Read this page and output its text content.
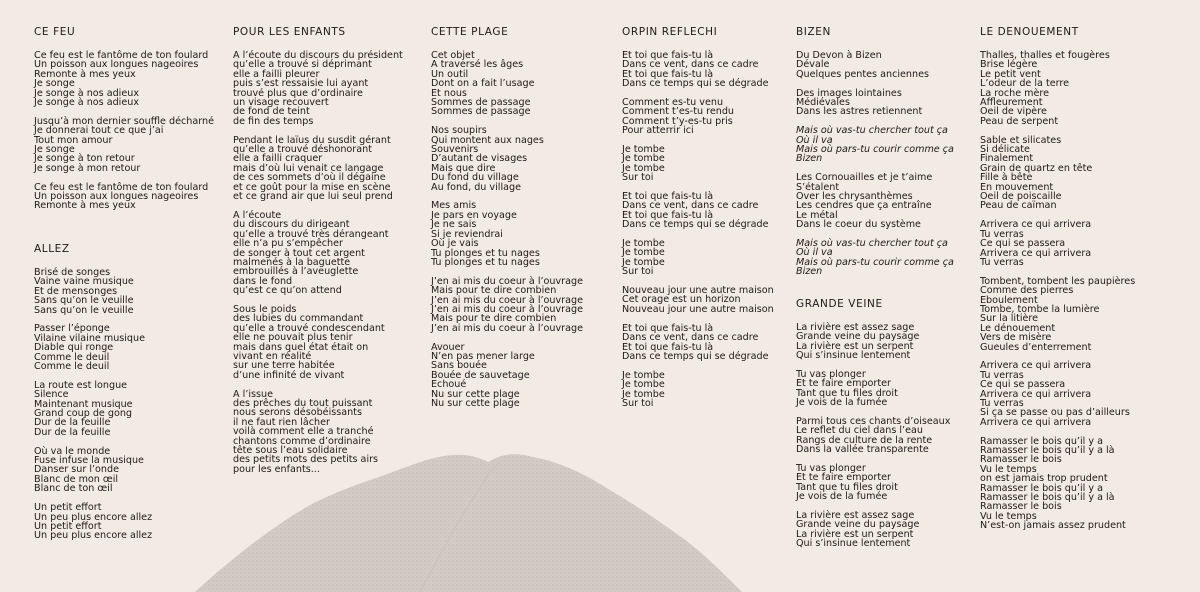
CE FEU
Ce feu est le fantôme de ton foulard
Un poisson aux longues nageoires
Remonte à mes yeux
Je songe
Je songe à nos adieux
Je songe à nos adieux
Jusqu’à mon dernier souffle décharné
Je donnerai tout ce que j’ai
Tout mon amour
Je songe
Je songe à ton retour
Je songe à mon retour
Ce feu est le fantôme de ton foulard
Un poisson aux longues nageoires
Remonte à mes yeux
ALLEZ
Brisé de songes
Vaine vaine musique
Et de mensonges
Sans qu’on le veuille
Sans qu’on le veuille
Passer l’éponge
Vilaine vilaine musique
Diable qui ronge
Comme le deuil
Comme le deuil
La route est longue
Silence
Maintenant musique
Grand coup de gong
Dur de la feuille
Dur de la feuille
Où va le monde
Fuse infuse la musique
Danser sur l’onde
Blanc de mon œil
Blanc de ton œil
Un petit effort
Un peu plus encore allez
Un petit effort
Un peu plus encore allez
POUR LES ENFANTS
A l’écoute du discours du président
qu’elle a trouvé si déprimant
elle a failli pleurer
puis s’est ressaisie lui ayant
trouvé plus que d’ordinaire
un visage recouvert
de fond de teint
de fin des temps
Pendant le laïus du susdit gérant
qu’elle a trouvé déshonorant
elle a failli craquer
mais d’où lui venait ce langage
de ces sommets d’où il dégaine
et ce goût pour la mise en scène
et ce grand air que lui seul prend
A l’écoute
du discours du dirigeant
qu’elle a trouvé très dérangeant
elle n’a pu s’empêcher
de songer à tout cet argent
malmenés à la baguette
embrouillés à l’aveuglette
dans le fond
qu’est ce qu’on attend
Sous le poids
des lubies du commandant
qu’elle a trouvé condescendant
elle ne pouvait plus tenir
mais dans quel état était on
vivant en réalité
sur une terre habitée
d’une infinité de vivant
A l’issue
des prêches du tout puissant
nous serons désobéissants
il ne faut rien lâcher
voilà comment elle a tranché
chantons comme d’ordinaire
tête sous l’eau solidaire
des petits mots des petits airs
pour les enfants...
CETTE PLAGE
Cet objet
A traversé les âges
Un outil
Dont on a fait l’usage
Et nous
Sommes de passage
Sommes de passage
Nos soupirs
Qui montent aux nages
Souvenirs
D’autant de visages
Mais que dire
Du fond du village
Au fond, du village
Mes amis
Je pars en voyage
Je ne sais
Si je reviendrai
Où je vais
Tu plonges et tu nages
Tu plonges et tu nages
J’en ai mis du coeur à l’ouvrage
Mais pour te dire combien
J’en ai mis du coeur à l’ouvrage
J’en ai mis du coeur à l’ouvrage
Mais pour te dire combien
J’en ai mis du coeur à l’ouvrage
Avouer
N’en pas mener large
Sans bouée
Bouée de sauvetage
Echoué
Nu sur cette plage
Nu sur cette plage
ORPIN REFLECHI
Et toi que fais-tu là
Dans ce vent, dans ce cadre
Et toi que fais-tu là
Dans ce temps qui se dégrade
Comment es-tu venu
Comment t’es-tu rendu
Comment t’y-es-tu pris
Pour atterrir ici
Je tombe
Je tombe
Je tombe
Sur toi
Et toi que fais-tu là
Dans ce vent, dans ce cadre
Et toi que fais-tu là
Dans ce temps qui se dégrade
Je tombe
Je tombe
Je tombe
Sur toi
Nouveau jour une autre maison
Cet orage est un horizon
Nouveau jour une autre maison
Et toi que fais-tu là
Dans ce vent, dans ce cadre
Et toi que fais-tu là
Dans ce temps qui se dégrade
Je tombe
Je tombe
Je tombe
Sur toi
BIZEN
Du Devon à Bizen
Dévale
Quelques pentes anciennes
Des images lointaines
Médiévales
Dans les astres retiennent
Mais où vas-tu chercher tout ça
Où il va
Mais où pars-tu courir comme ça
Bizen
Les Cornouailles et je t’aime
S’étalent
Over les chrysanthèmes
Les cendres que ça entraîne
Le métal
Dans le coeur du système
Mais où vas-tu chercher tout ça
Où il va
Mais où pars-tu courir comme ça
Bizen
GRANDE VEINE
La rivière est assez sage
Grande veine du paysage
La rivière est un serpent
Qui s’insinue lentement
Tu vas plonger
Et te faire emporter
Tant que tu files droit
Je vois de la fumée
Parmi tous ces chants d’oiseaux
Le reflet du ciel dans l’eau
Rangs de culture de la rente
Dans la vallée transparente
Tu vas plonger
Et te faire emporter
Tant que tu files droit
Je vois de la fumée
La rivière est assez sage
Grande veine du paysage
La rivière est un serpent
Qui s’insinue lentement
LE DENOUEMENT
Thalles, thalles et fougères
Brise légère
Le petit vent
L’odeur de la terre
La roche mère
Affleurement
Oeil de vipère
Peau de serpent
Sable et silicates
Si délicate
Finalement
Grain de quartz en tête
Fille à bête
En mouvement
Oeil de poiscaille
Peau de caïman
Arrivera ce qui arrivera
Tu verras
Ce qui se passera
Arrivera ce qui arrivera
Tu verras
Tombent, tombent les paupières
Comme des pierres
Eboulement
Tombe, tombe la lumière
Sur la litière
Le dénouement
Vers de misère
Gueules d’enterrement
Arrivera ce qui arrivera
Tu verras
Ce qui se passera
Arrivera ce qui arrivera
Tu verras
Si ça se passe ou pas d’ailleurs
Arrivera ce qui arrivera
Ramasser le bois qu’il y a
Ramasser le bois qu’il y a là
Ramasser le bois
Vu le temps
on est jamais trop prudent
Ramasser le bois qu’il y a
Ramasser le bois qu’il y a là
Ramasser le bois
Vu le temps
N’est-on jamais assez prudent
